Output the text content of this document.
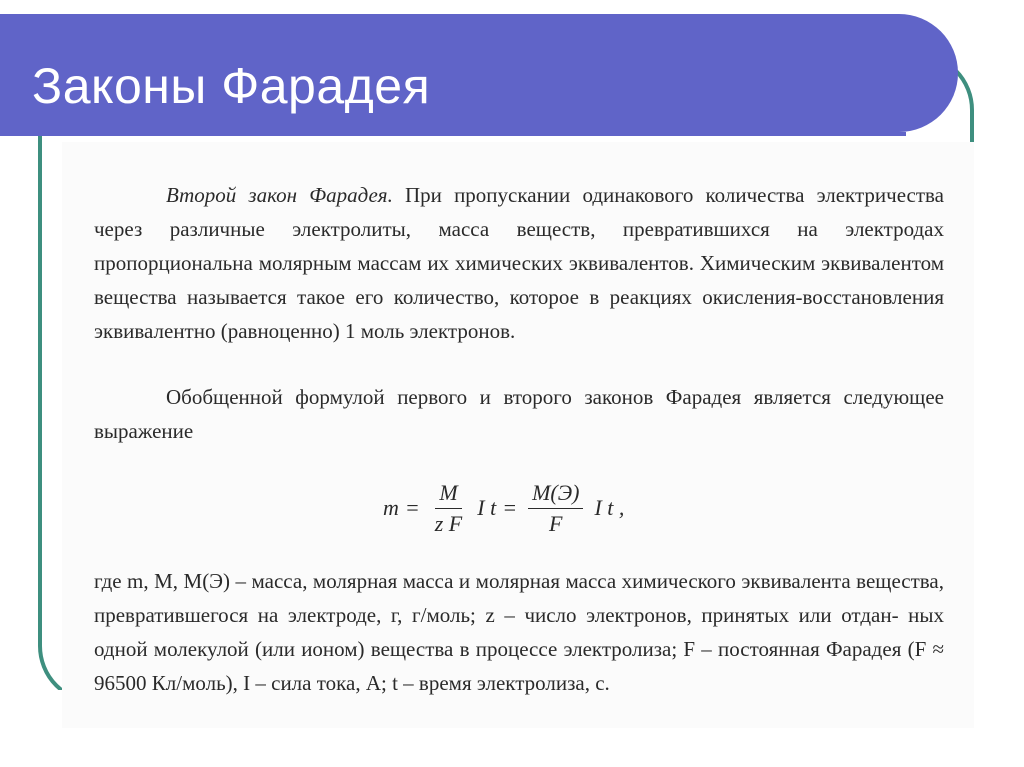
Законы Фарадея

Второй закон Фарадея. При пропускании одинакового количества электричества через различные электролиты, масса веществ, превратившихся на электродах пропорциональна молярным массам их химических эквивалентов. Химическим эквивалентом вещества называется такое его количество, которое в реакциях окисления-восстановления эквивалентно (равноценно) 1 моль электронов.

Обобщенной формулой первого и второго законов Фарадея является следующее выражение

$m = \frac{M}{\text{z F}}$ I $t = \frac{M(Э)}{F}$ I t ,

где m, M, M(Э) – масса, молярная масса и молярная масса химического эквивалента вещества, превратившегося на электроде, г, г/моль; z – число электронов, принятых или отдан- ных одной молекулой (или ионом) вещества в процессе электролиза; F – постоянная Фарадея (F ≈ 96500 Кл/моль), I – сила тока, А; t – время электролиза, с.
